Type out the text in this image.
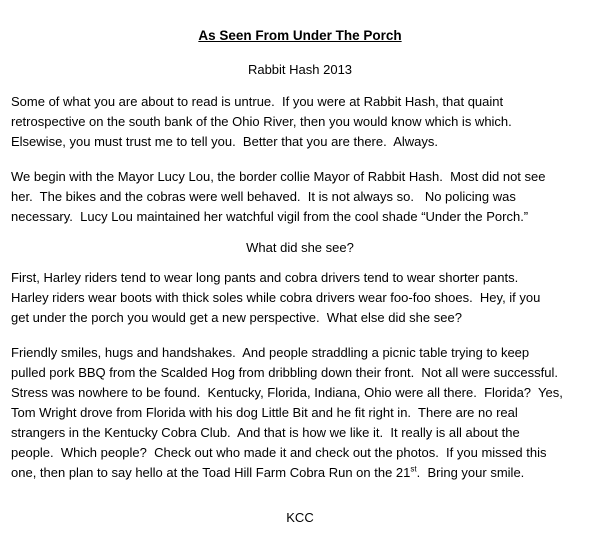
As Seen From Under The Porch
Rabbit Hash 2013
Some of what you are about to read is untrue.  If you were at Rabbit Hash, that quaint
retrospective on the south bank of the Ohio River, then you would know which is which.
Elsewise, you must trust me to tell you.  Better that you are there.  Always.
We begin with the Mayor Lucy Lou, the border collie Mayor of Rabbit Hash.  Most did not see
her.  The bikes and the cobras were well behaved.  It is not always so.   No policing was
necessary.  Lucy Lou maintained her watchful vigil from the cool shade “Under the Porch.”
What did she see?
First, Harley riders tend to wear long pants and cobra drivers tend to wear shorter pants.
Harley riders wear boots with thick soles while cobra drivers wear foo-foo shoes.  Hey, if you
get under the porch you would get a new perspective.  What else did she see?
Friendly smiles, hugs and handshakes.  And people straddling a picnic table trying to keep
pulled pork BBQ from the Scalded Hog from dribbling down their front.  Not all were successful.
Stress was nowhere to be found.  Kentucky, Florida, Indiana, Ohio were all there.  Florida?  Yes,
Tom Wright drove from Florida with his dog Little Bit and he fit right in.  There are no real
strangers in the Kentucky Cobra Club.  And that is how we like it.  It really is all about the
people.  Which people?  Check out who made it and check out the photos.  If you missed this
one, then plan to say hello at the Toad Hill Farm Cobra Run on the 21st.  Bring your smile.
KCC
